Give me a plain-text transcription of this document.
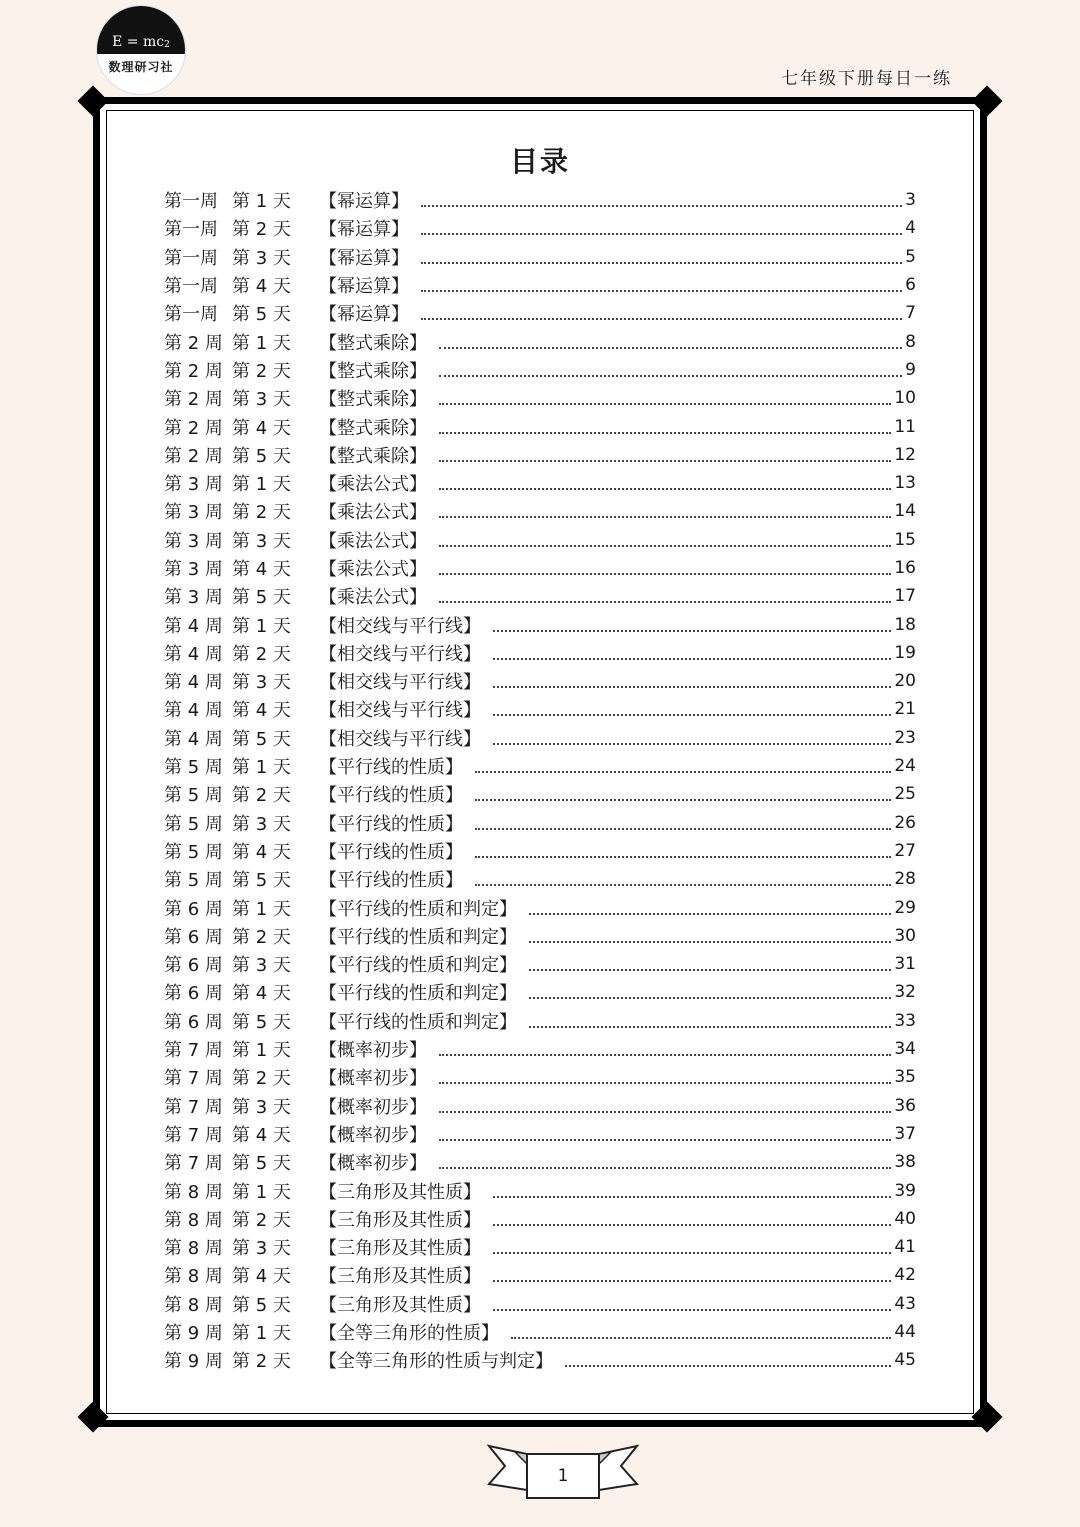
$E = mc_2$
数理研习社
七年级下册每日一练
目录
第一周 第 1 天	【幂运算】	3
第一周 第 2 天	【幂运算】	4
第一周 第 3 天	【幂运算】	5
第一周 第 4 天	【幂运算】	6
第一周 第 5 天	【幂运算】	7
第 2 周 第 1 天	【整式乘除】	8
第 2 周 第 2 天	【整式乘除】	9
第 2 周 第 3 天	【整式乘除】	10
第 2 周 第 4 天	【整式乘除】	11
第 2 周 第 5 天	【整式乘除】	12
第 3 周 第 1 天	【乘法公式】	13
第 3 周 第 2 天	【乘法公式】	14
第 3 周 第 3 天	【乘法公式】	15
第 3 周 第 4 天	【乘法公式】	16
第 3 周 第 5 天	【乘法公式】	17
第 4 周 第 1 天	【相交线与平行线】	18
第 4 周 第 2 天	【相交线与平行线】	19
第 4 周 第 3 天	【相交线与平行线】	20
第 4 周 第 4 天	【相交线与平行线】	21
第 4 周 第 5 天	【相交线与平行线】	23
第 5 周 第 1 天	【平行线的性质】	24
第 5 周 第 2 天	【平行线的性质】	25
第 5 周 第 3 天	【平行线的性质】	26
第 5 周 第 4 天	【平行线的性质】	27
第 5 周 第 5 天	【平行线的性质】	28
第 6 周 第 1 天	【平行线的性质和判定】	29
第 6 周 第 2 天	【平行线的性质和判定】	30
第 6 周 第 3 天	【平行线的性质和判定】	31
第 6 周 第 4 天	【平行线的性质和判定】	32
第 6 周 第 5 天	【平行线的性质和判定】	33
第 7 周 第 1 天	【概率初步】	34
第 7 周 第 2 天	【概率初步】	35
第 7 周 第 3 天	【概率初步】	36
第 7 周 第 4 天	【概率初步】	37
第 7 周 第 5 天	【概率初步】	38
第 8 周 第 1 天	【三角形及其性质】	39
第 8 周 第 2 天	【三角形及其性质】	40
第 8 周 第 3 天	【三角形及其性质】	41
第 8 周 第 4 天	【三角形及其性质】	42
第 8 周 第 5 天	【三角形及其性质】	43
第 9 周 第 1 天	【全等三角形的性质】	44
第 9 周 第 2 天	【全等三角形的性质与判定】	45
1
